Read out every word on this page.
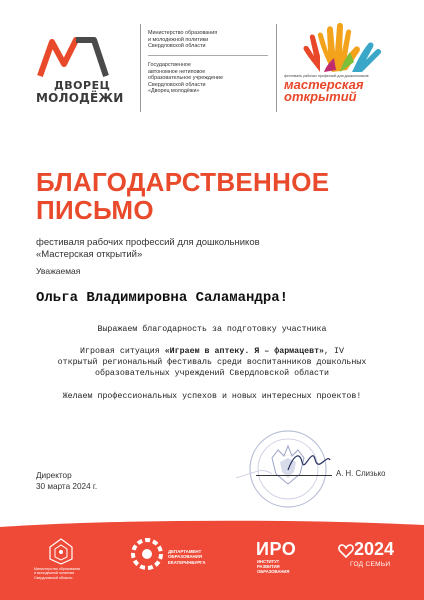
ДВОРЕЦ
МОЛОДЁЖИ
Министерство образования
и молодежной политики
Свердловской области
Государственное
автономное нетиповое
образовательное учреждение
Свердловской области
«Дворец молодёжи»
фестиваль рабочих профессий для дошкольников
мастерская
открытий
БЛАГОДАРСТВЕННОЕ
ПИСЬМО
фестиваля рабочих профессий для дошкольников
«Мастерская открытий»
Уважаемая
Ольга Владимировна Саламандра!
Выражаем благодарность за подготовку участника
Игровая ситуация «Играем в аптеку. Я – фармацевт», IV
открытый региональный фестиваль среди воспитанников дошкольных
образовательных учреждений Свердловской области
Желаем профессиональных успехов и новых интересных проектов!
Директор
30 марта 2024 г.
А. Н. Слизько
Министерство образования
и молодежной политики
Свердловской области
ДЕПАРТАМЕНТ
ОБРАЗОВАНИЯ
ЕКАТЕРИНБУРГА
ИРО
ИНСТИТУТ
РАЗВИТИЯ
ОБРАЗОВАНИЯ
2024
ГОД СЕМЬИ
